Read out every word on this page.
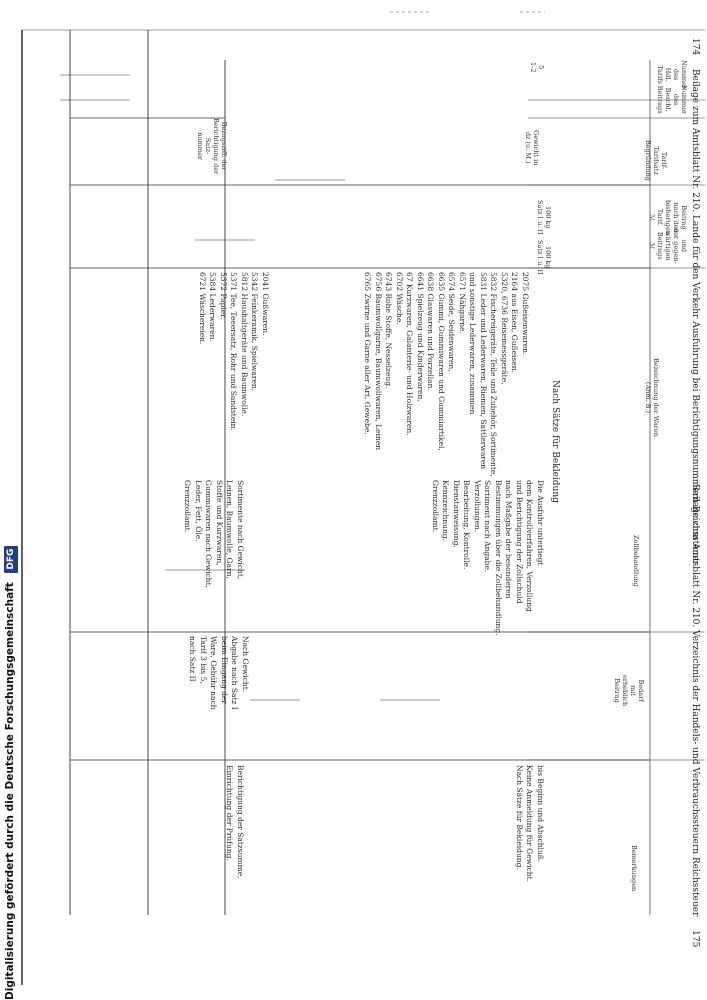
174  Beilage zum Amtsblatt Nr. 210. Lande für den Verkehr Ausfuhrung bei Berichtigungsnummern Reichssteuer
Beilage zum Amtsblatt Nr. 210. Verzeichnis der Handels- und Verbrauchssteuern Reichssteuer  175
Nummer
des
Hdl.
Tarifs
Nummer
des
Beschl.
Beitrags
Tarif-
Tarifsatz
Begründung
Bezugsziff. der
Berichtigung der
Satz-
nummer
Beitrag
nach den
bisherigen
Tarif.
ℳ
und
der gegen-
wärtigen
Beitrags
ℳ
Bezeichnung der Waren
(Anm. B.)
Zollbehandlung
Bedarf
mit
erheblich
Beitrag
Bemerkungen
5
1-2
Gewicht in
dz (u. M.)
100 kg
Satz I u. II
100 kg
Satz I u. II
Nach Sätze für Bekleidung
2075 Gußeisenwaren.
2164 aus Eisen, Gußeisen.
5320, 6736 Reisemessgeräte,
5832 Fischereigeräte, Teile und Zubehör, Sortimente,
5831 Leder und Lederwaren, Riemen, Sattlerwaren
und sonstige Lederwaren, zusammen
6571 Nähgarne.
6574 Seide, Seidenwaren,
6635 Gummi, Gummiwaren und Gummiartikel,
6638 Glaswaren und Porzellan.
6641 Spielzeug und Kinderwaren,
67 Kurzwaren, Galanterie- und Holzwaren.
6702 Wäsche.
6743 Rohe Stoffe, Nesselzeug.
6756 Baumwollgarne, Baumwollwaren, Leinen
6765 Zwirne und Garne aller Art, Gewebe.
2041 Gußwaren.
5342 Feinkeramik, Spielwaren,
5812 Haushaltgeräte und Baumwolle.
5371 Tee, Teeersatz, Rohr und Sandstein.
5372 Papier.
5384 Lederwaren.
6721 Wäschereien.
Die Ausfuhr unterliegt
dem Kontrollverfahren, Verzollung
und Berichtigung der Zollschuld
nach Maßgabe der besonderen
Bestimmungen über die Zollbehandlung.
Sortiment nach Angabe.
Verzollungen.
Bearbeitung, Kontrolle.
Dienstanweisung.
Kennzeichnung.
Grenzzollamt.
Sortimente nach Gewicht,
Leinen, Baumwolle, Garn,
Stoffe und Kurzwaren,
Gummiwaren nach Gewicht,
Leder, Fett, Öle.
Grenzzollamt.
Nach Gewicht.
Abgabe nach Satz I
beim Eingang der
Ware, Gebühr nach
Tarif 3 bis 5,
nach Satz II
bis Beginn und Abschluß.
Keine Anmeldung für Gewicht.
Nach Sätze für Bekleidung.
Berichtigung der Satzsumme,
Einrichtung der Prüfung.
Digitalisierung gefördert durch die Deutsche Forschungsgemeinschaft DFG
